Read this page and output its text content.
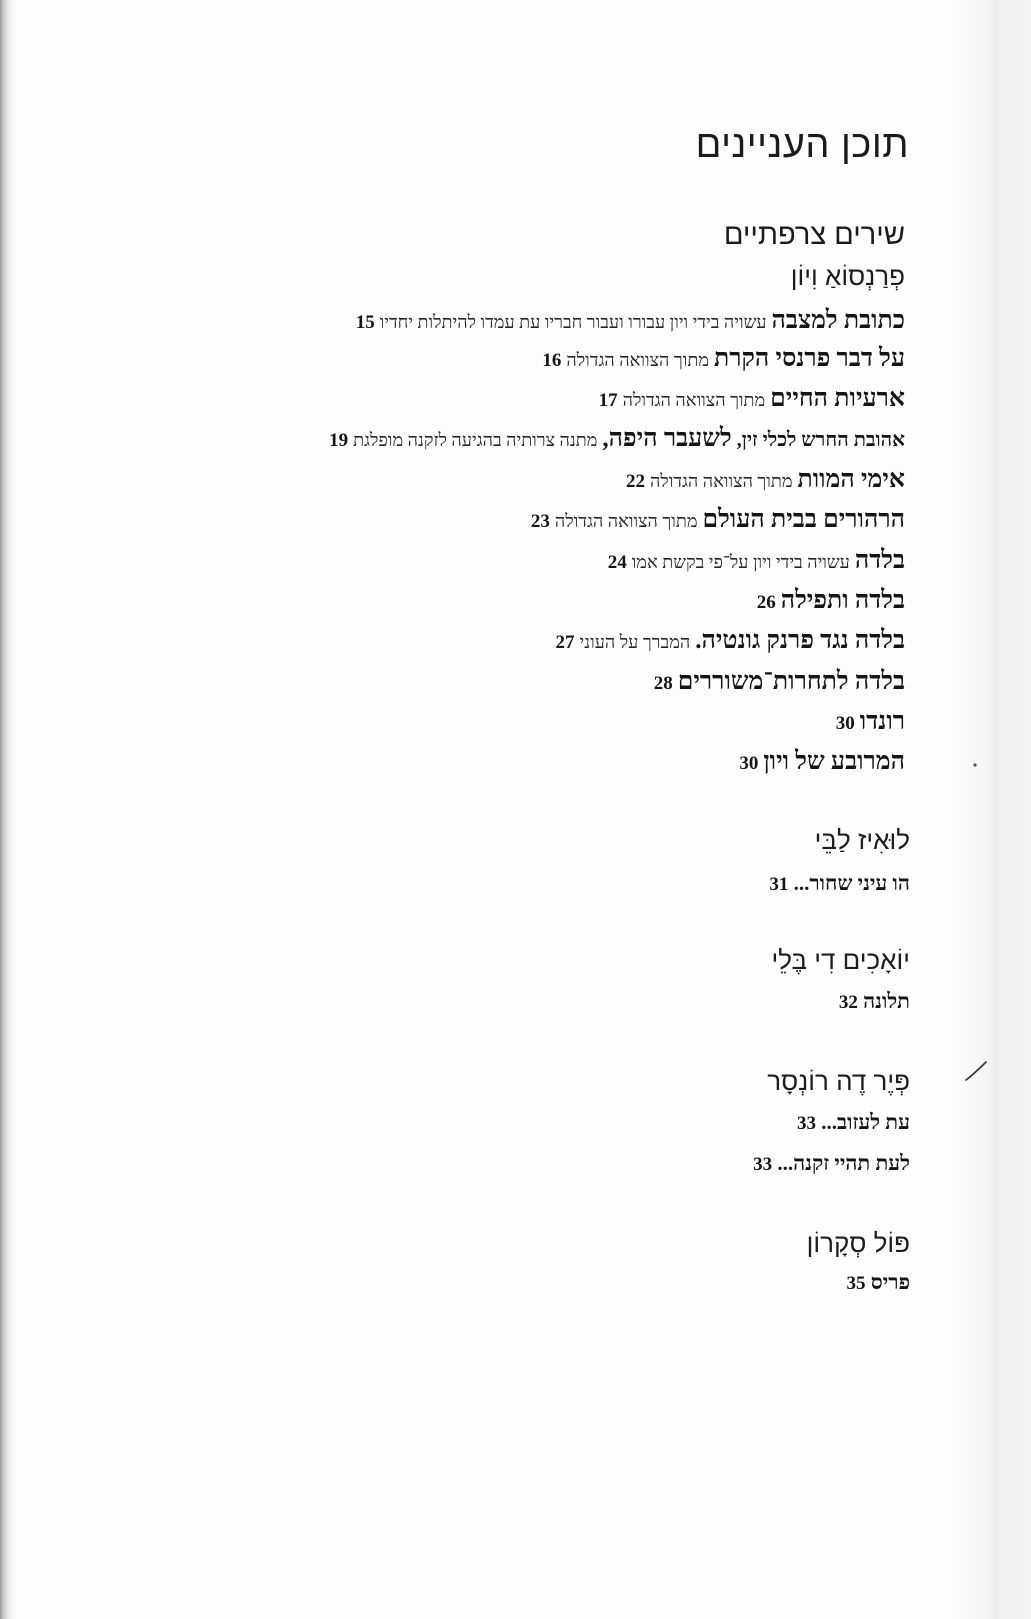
תוכן העניינים
שירים צרפתיים
פְרַנְסוֹאַ וִיוֹן
כתובת למצבה עשויה בידי ויון עבורו ועבור חבריו עת עמדו להיתלות יחדיו 15
על דבר פרנסי הקרת מתוך הצוואה הגדולה 16
ארעיות החיים מתוך הצוואה הגדולה 17
אהובת החרש לכלי זין, לשעבר היפה, מתנה צרותיה בהגיעה לזקנה מופלגת 19
אימי המוות מתוך הצוואה הגדולה 22
הרהורים בבית העולם מתוך הצוואה הגדולה 23
בלדה עשויה בידי ויון על־פי בקשת אמו 24
בלדה ותפילה 26
בלדה נגד פרנק גונטיה. המברך על העוני 27
בלדה לתחרות־משוררים 28
רונדו 30
המרובע של ויון 30
לוּאִיז לַבֵּי
הו עיני שחור... 31
יוֹאָכִים דִי בֶּלֵי
תלונה 32
פְּיֶר דֶה רוֹנְסָר
עת לעזוב... 33
לעת תהיי זקנה... 33
פּוֹל סְקָרוֹן
פריס 35
